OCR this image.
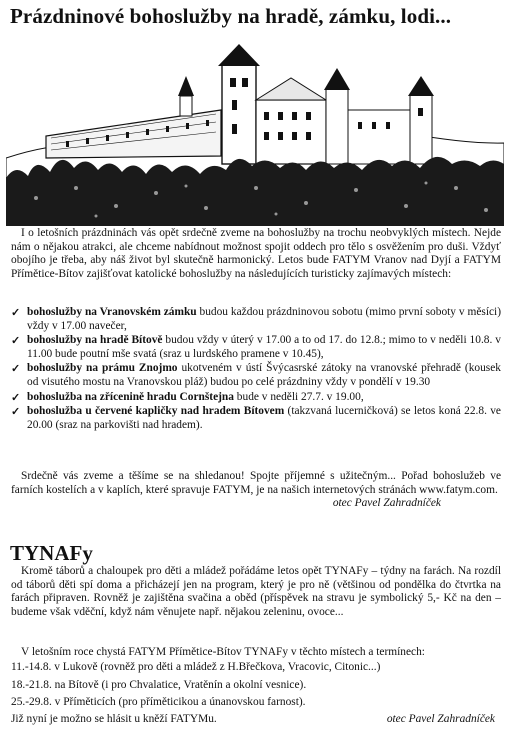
Prázdninové bohoslužby na hradě, zámku, lodi...
I o letošních prázdninách vás opět srdečně zveme na bohoslužby na trochu neobvyklých místech. Nejde nám o nějakou atrakci, ale chceme nabídnout možnost spojit oddech pro tělo s osvěžením pro duši. Vždyť obojího je třeba, aby náš život byl skutečně harmonický. Letos bude FATYM Vranov nad Dyjí a FATYM Přímětice-Bítov zajišťovat katolické bohoslužby na následujících turisticky zajímavých místech:
✓ bohoslužby na Vranovském zámku budou každou prázdninovou sobotu (mimo první soboty v měsíci) vždy v 17.00 navečer,
✓ bohoslužby na hradě Bítově budou vždy v úterý v 17.00 a to od 17. do 12.8.; mimo to v neděli 10.8. v 11.00 bude poutní mše svatá (sraz u lurdského pramene v 10.45),
✓ bohoslužby na prámu Znojmo ukotveném v ústí Švýcasrské zátoky na vranovské přehradě (kousek od visutého mostu na Vranovskou pláž) budou po celé prázdniny vždy v pondělí v 19.30
✓ bohoslužba na zřícenině hradu Cornštejna bude v neděli 27.7. v 19.00,
✓ bohoslužba u červené kapličky nad hradem Bítovem (takzvaná lucerničková) se letos koná 22.8. ve 20.00 (sraz na parkovišti nad hradem).
Srdečně vás zveme a těšíme se na shledanou! Spojte příjemné s užitečným... Pořad bohoslužeb ve farních kostelích a v kaplích, které spravuje FATYM, je na našich internetových stránách www.fatym.com.
otec Pavel Zahradníček
TYNAFy
Kromě táborů a chaloupek pro děti a mládež pořádáme letos opět TYNAFy – týdny na farách. Na rozdíl od táborů děti spí doma a přicházejí jen na program, který je pro ně (většinou od pondělka do čtvrtka na farách připraven. Rovněž je zajištěna svačina a oběd (příspěvek na stravu je symbolický 5,- Kč na den – budeme však vděční, když nám věnujete např. nějakou zeleninu, ovoce...
V letošním roce chystá FATYM Přímětice-Bítov TYNAFy v těchto místech a termínech:
11.-14.8. v Lukově (rovněž pro děti a mládež z H.Břečkova, Vracovic, Citonic...)
18.-21.8. na Bítově (i pro Chvalatice, Vratěnín a okolní vesnice).
25.-29.8. v Příměticích (pro příměticikou a únanovskou farnost).
Již nyní je možno se hlásit u kněží FATYMu.	otec Pavel Zahradníček
